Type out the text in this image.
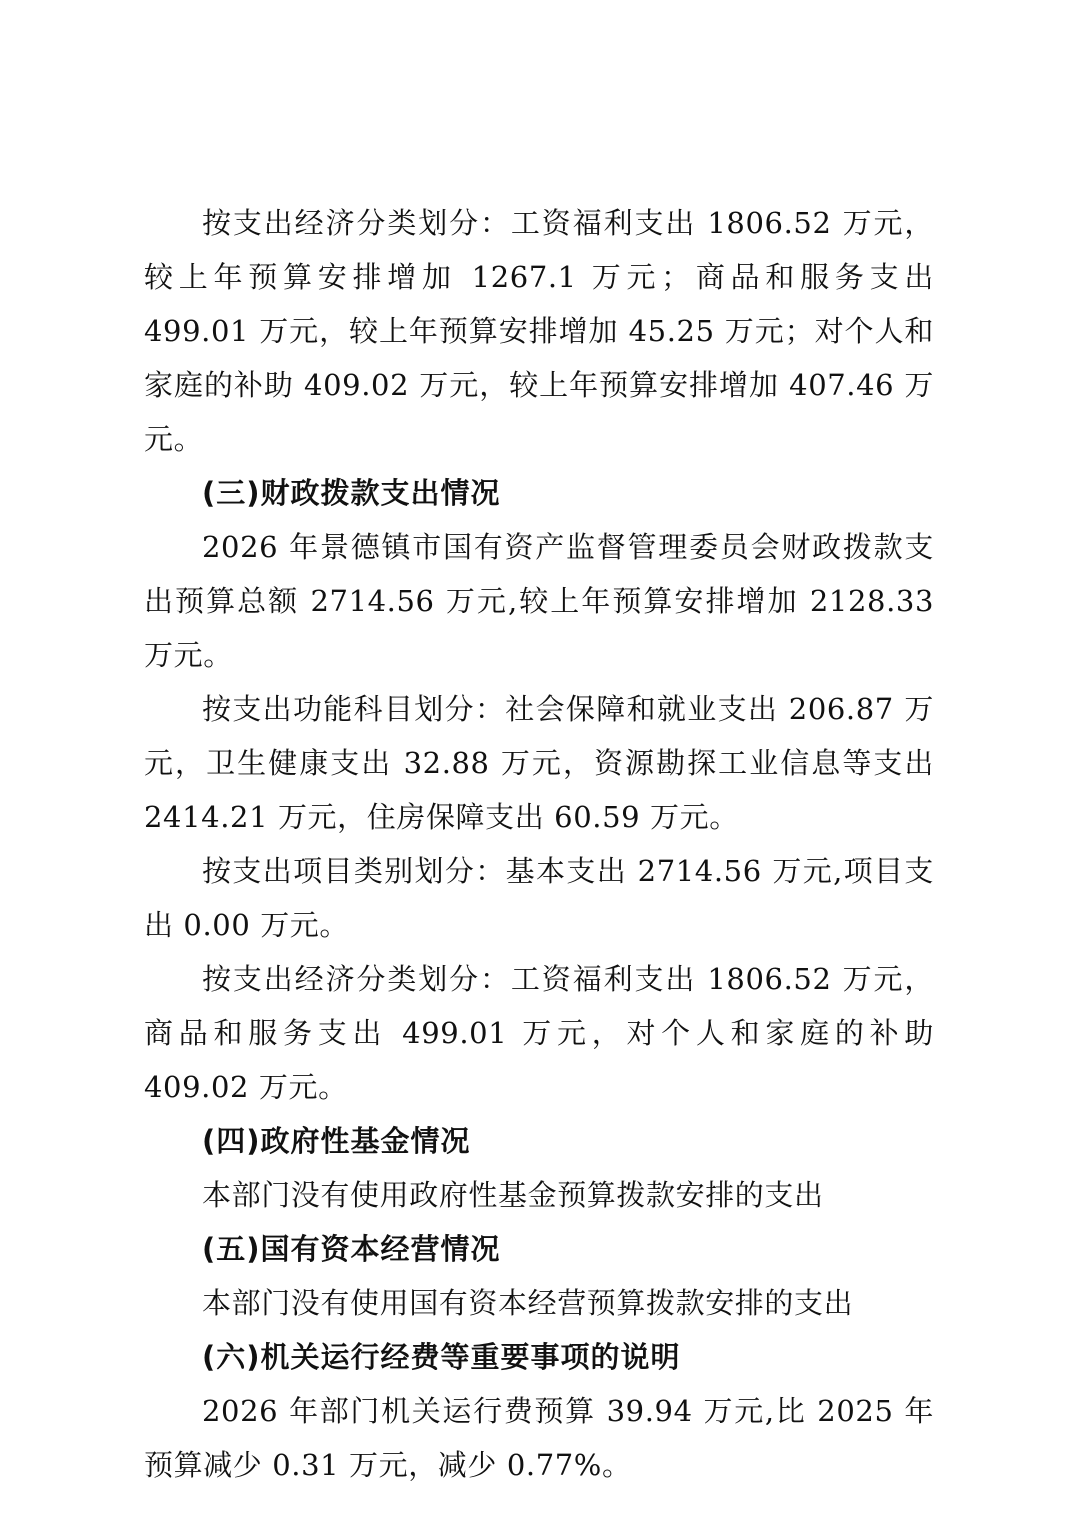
按支出经济分类划分：工资福利支出 1806.52 万元，较上年预算安排增加 1267.1 万元；商品和服务支出 499.01 万元，较上年预算安排增加 45.25 万元；对个人和家庭的补助 409.02 万元，较上年预算安排增加 407.46 万元。

(三)财政拨款支出情况

2026 年景德镇市国有资产监督管理委员会财政拨款支出预算总额 2714.56 万元,较上年预算安排增加 2128.33 万元。

按支出功能科目划分：社会保障和就业支出 206.87 万元，卫生健康支出 32.88 万元，资源勘探工业信息等支出 2414.21 万元，住房保障支出 60.59 万元。

按支出项目类别划分：基本支出 2714.56 万元,项目支出 0.00 万元。

按支出经济分类划分：工资福利支出 1806.52 万元，商品和服务支出 499.01 万元，对个人和家庭的补助 409.02 万元。

(四)政府性基金情况

本部门没有使用政府性基金预算拨款安排的支出

(五)国有资本经营情况

本部门没有使用国有资本经营预算拨款安排的支出

(六)机关运行经费等重要事项的说明

2026 年部门机关运行费预算 39.94 万元,比 2025 年预算减少 0.31 万元，减少 0.77%。
